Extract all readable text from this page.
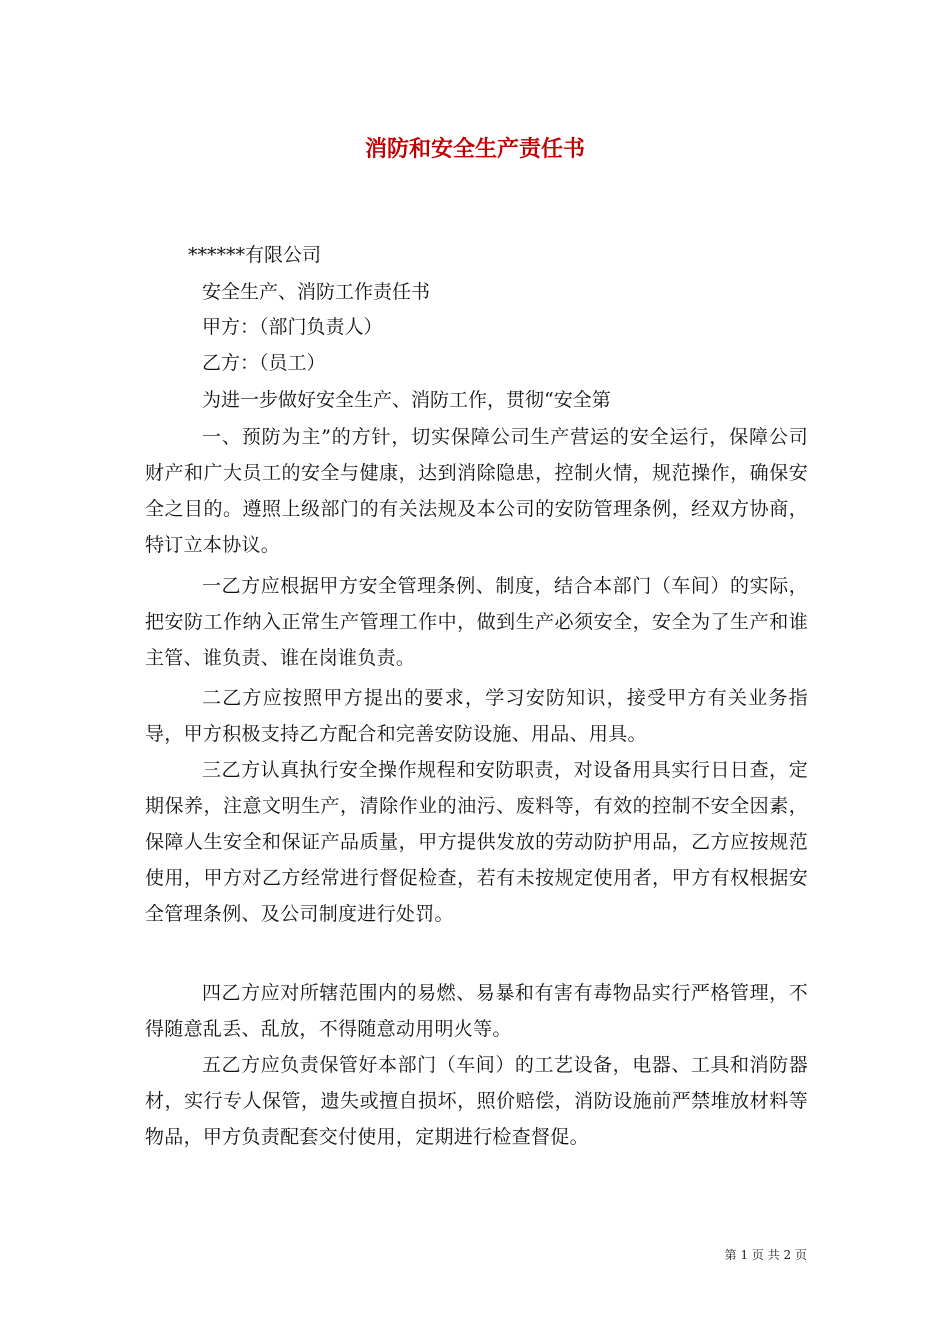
消防和安全生产责任书

******有限公司

安全生产、消防工作责任书

甲方：（部门负责人）

乙方：（员工）

为进一步做好安全生产、消防工作，贯彻“安全第

一、预防为主”的方针，切实保障公司生产营运的安全运行，保障公司财产和广大员工的安全与健康，达到消除隐患，控制火情，规范操作，确保安全之目的。遵照上级部门的有关法规及本公司的安防管理条例，经双方协商，特订立本协议。

一乙方应根据甲方安全管理条例、制度，结合本部门（车间）的实际，把安防工作纳入正常生产管理工作中，做到生产必须安全，安全为了生产和谁主管、谁负责、谁在岗谁负责。

二乙方应按照甲方提出的要求，学习安防知识，接受甲方有关业务指导，甲方积极支持乙方配合和完善安防设施、用品、用具。

三乙方认真执行安全操作规程和安防职责，对设备用具实行日日查，定期保养，注意文明生产，清除作业的油污、废料等，有效的控制不安全因素，保障人生安全和保证产品质量，甲方提供发放的劳动防护用品，乙方应按规范使用，甲方对乙方经常进行督促检查，若有未按规定使用者，甲方有权根据安全管理条例、及公司制度进行处罚。

四乙方应对所辖范围内的易燃、易暴和有害有毒物品实行严格管理，不得随意乱丢、乱放，不得随意动用明火等。

五乙方应负责保管好本部门（车间）的工艺设备，电器、工具和消防器材，实行专人保管，遗失或擅自损坏，照价赔偿，消防设施前严禁堆放材料等物品，甲方负责配套交付使用，定期进行检查督促。

第 1 页 共 2 页
